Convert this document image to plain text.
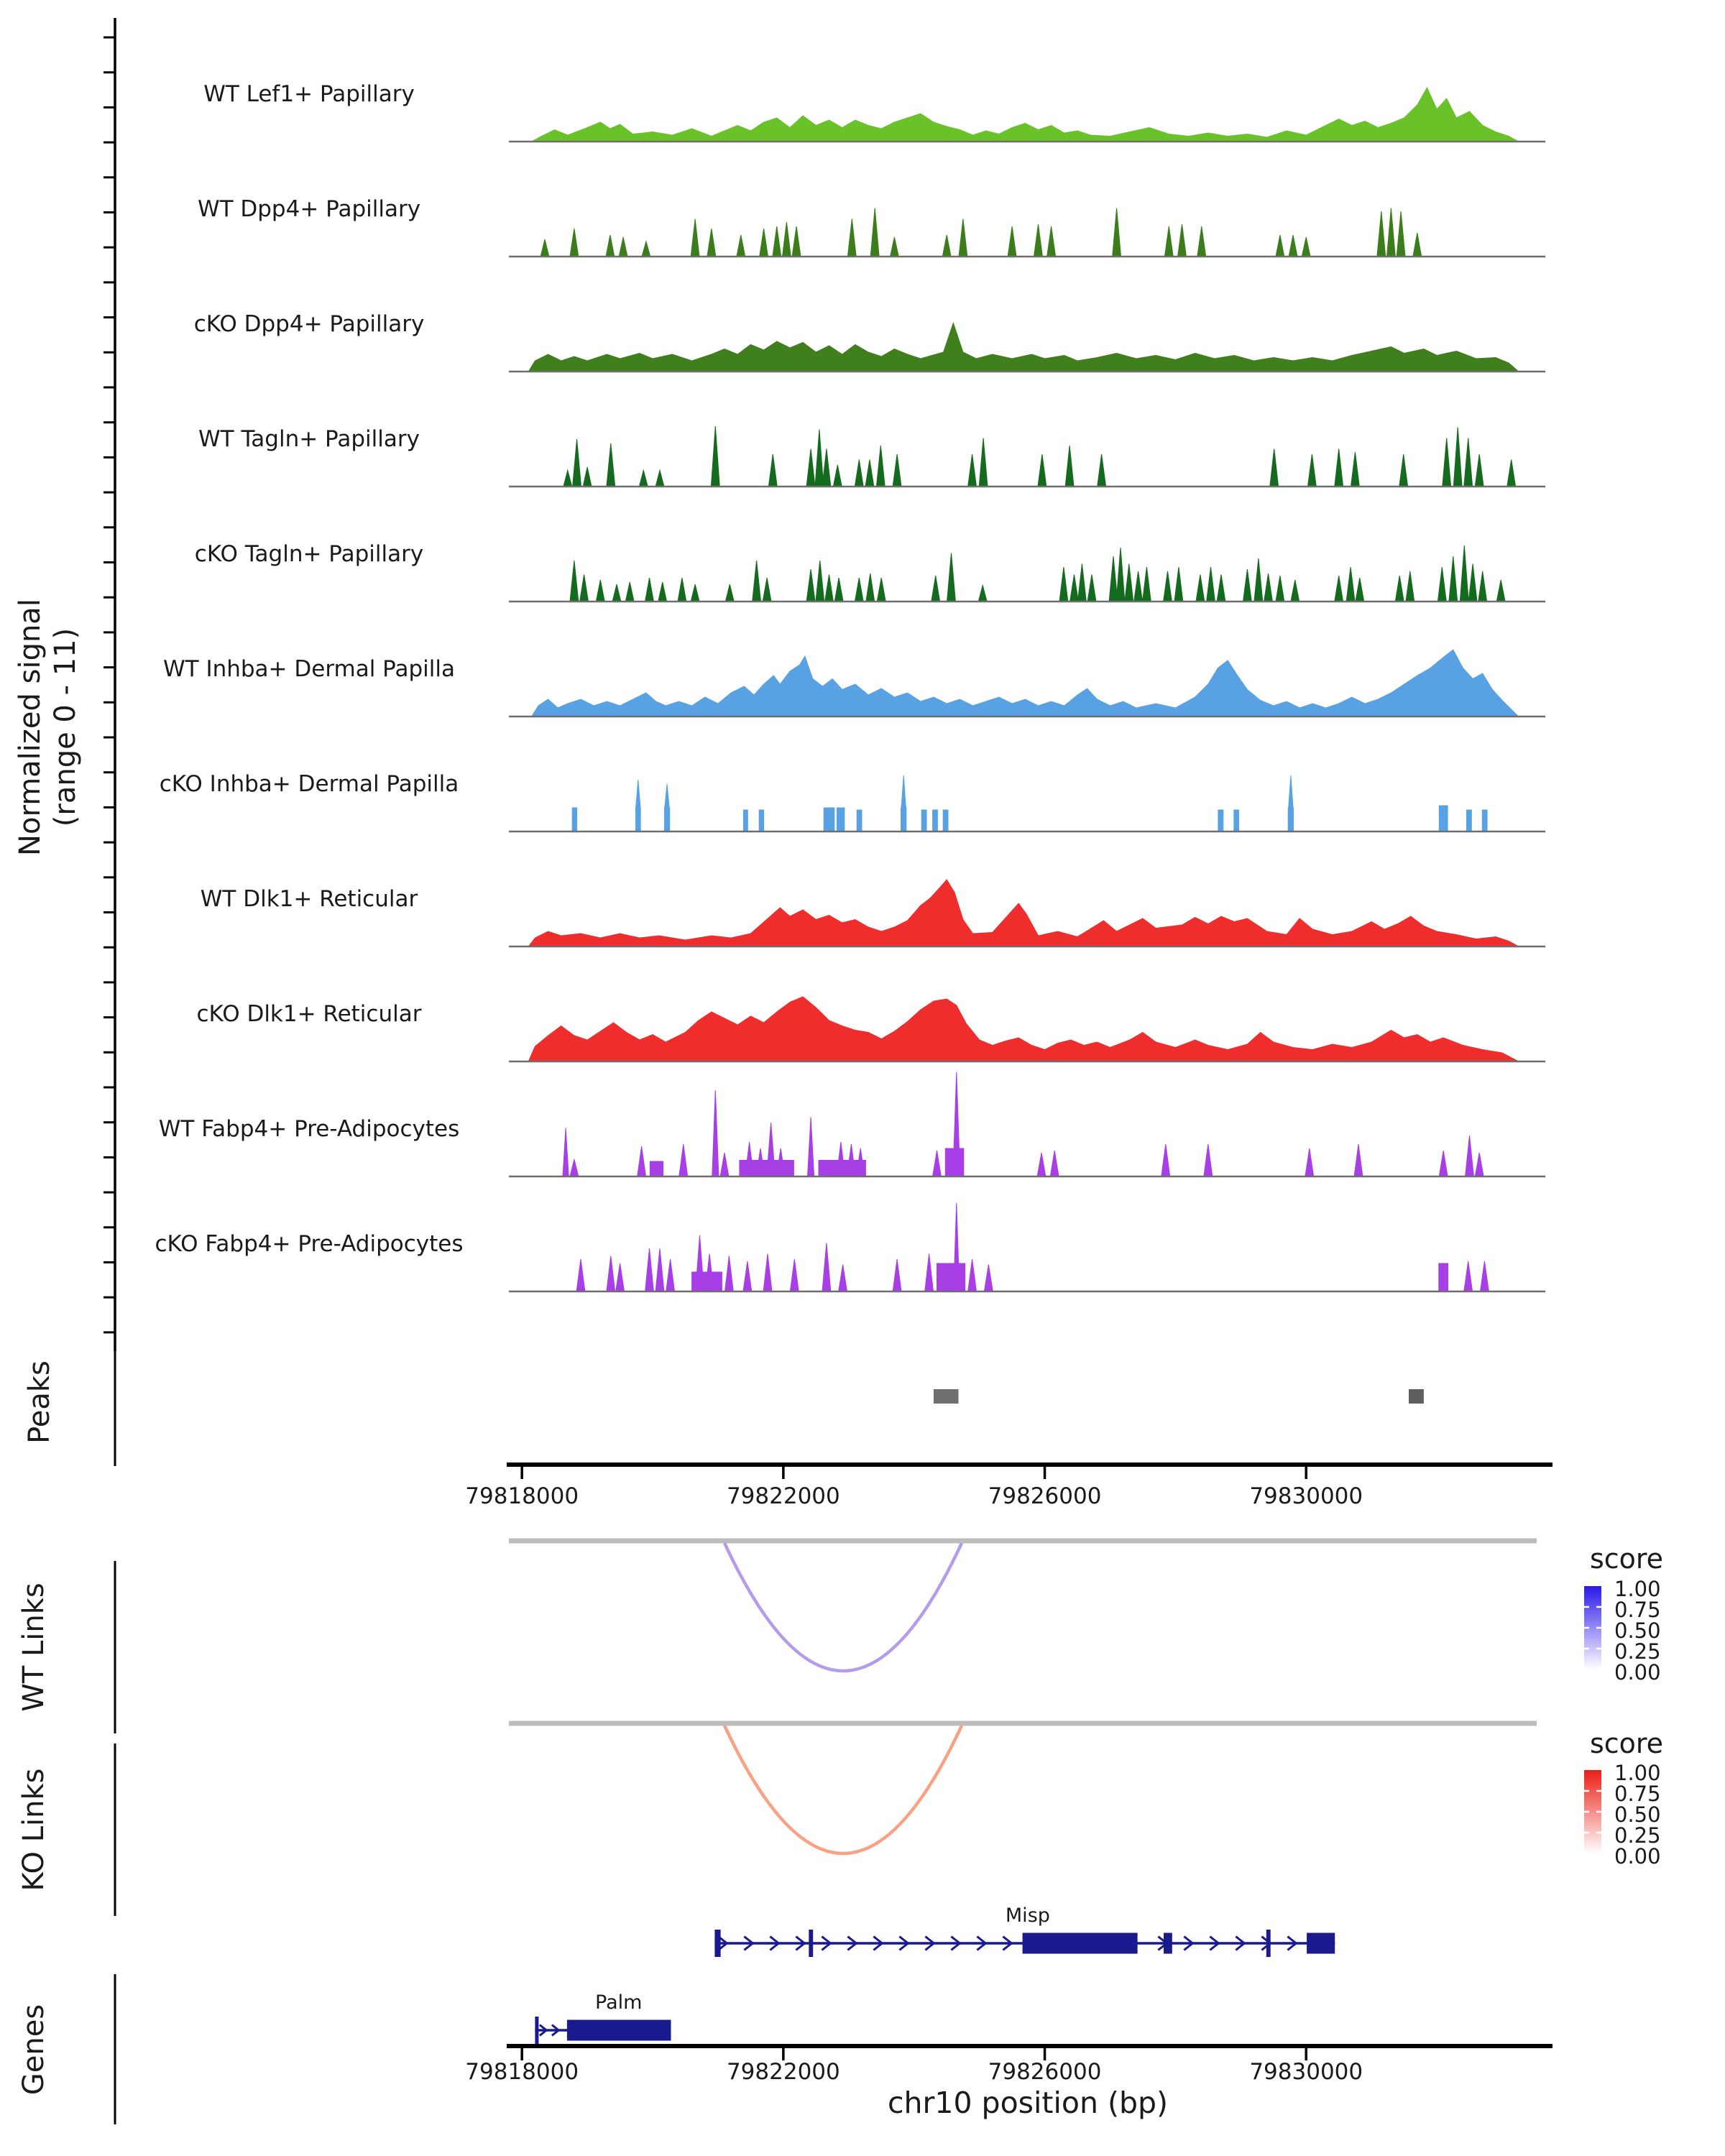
WT Lef1+ Papillary
WT Dpp4+ Papillary
cKO Dpp4+ Papillary
WT Tagln+ Papillary
cKO Tagln+ Papillary
WT Inhba+ Dermal Papilla
cKO Inhba+ Dermal Papilla
WT Dlk1+ Reticular
cKO Dlk1+ Reticular
WT Fabp4+ Pre-Adipocytes
cKO Fabp4+ Pre-Adipocytes
79818000	79822000	79826000	79830000
79818000	79822000	79826000	79830000
1.00
0.75
0.50
0.25
0.00
1.00
0.75
0.50
0.25
0.00
Misp
Palm
Normalized signal (range 0 - 11)
Peaks
WT Links
KO Links
Genes
score
score
chr10 position (bp)
